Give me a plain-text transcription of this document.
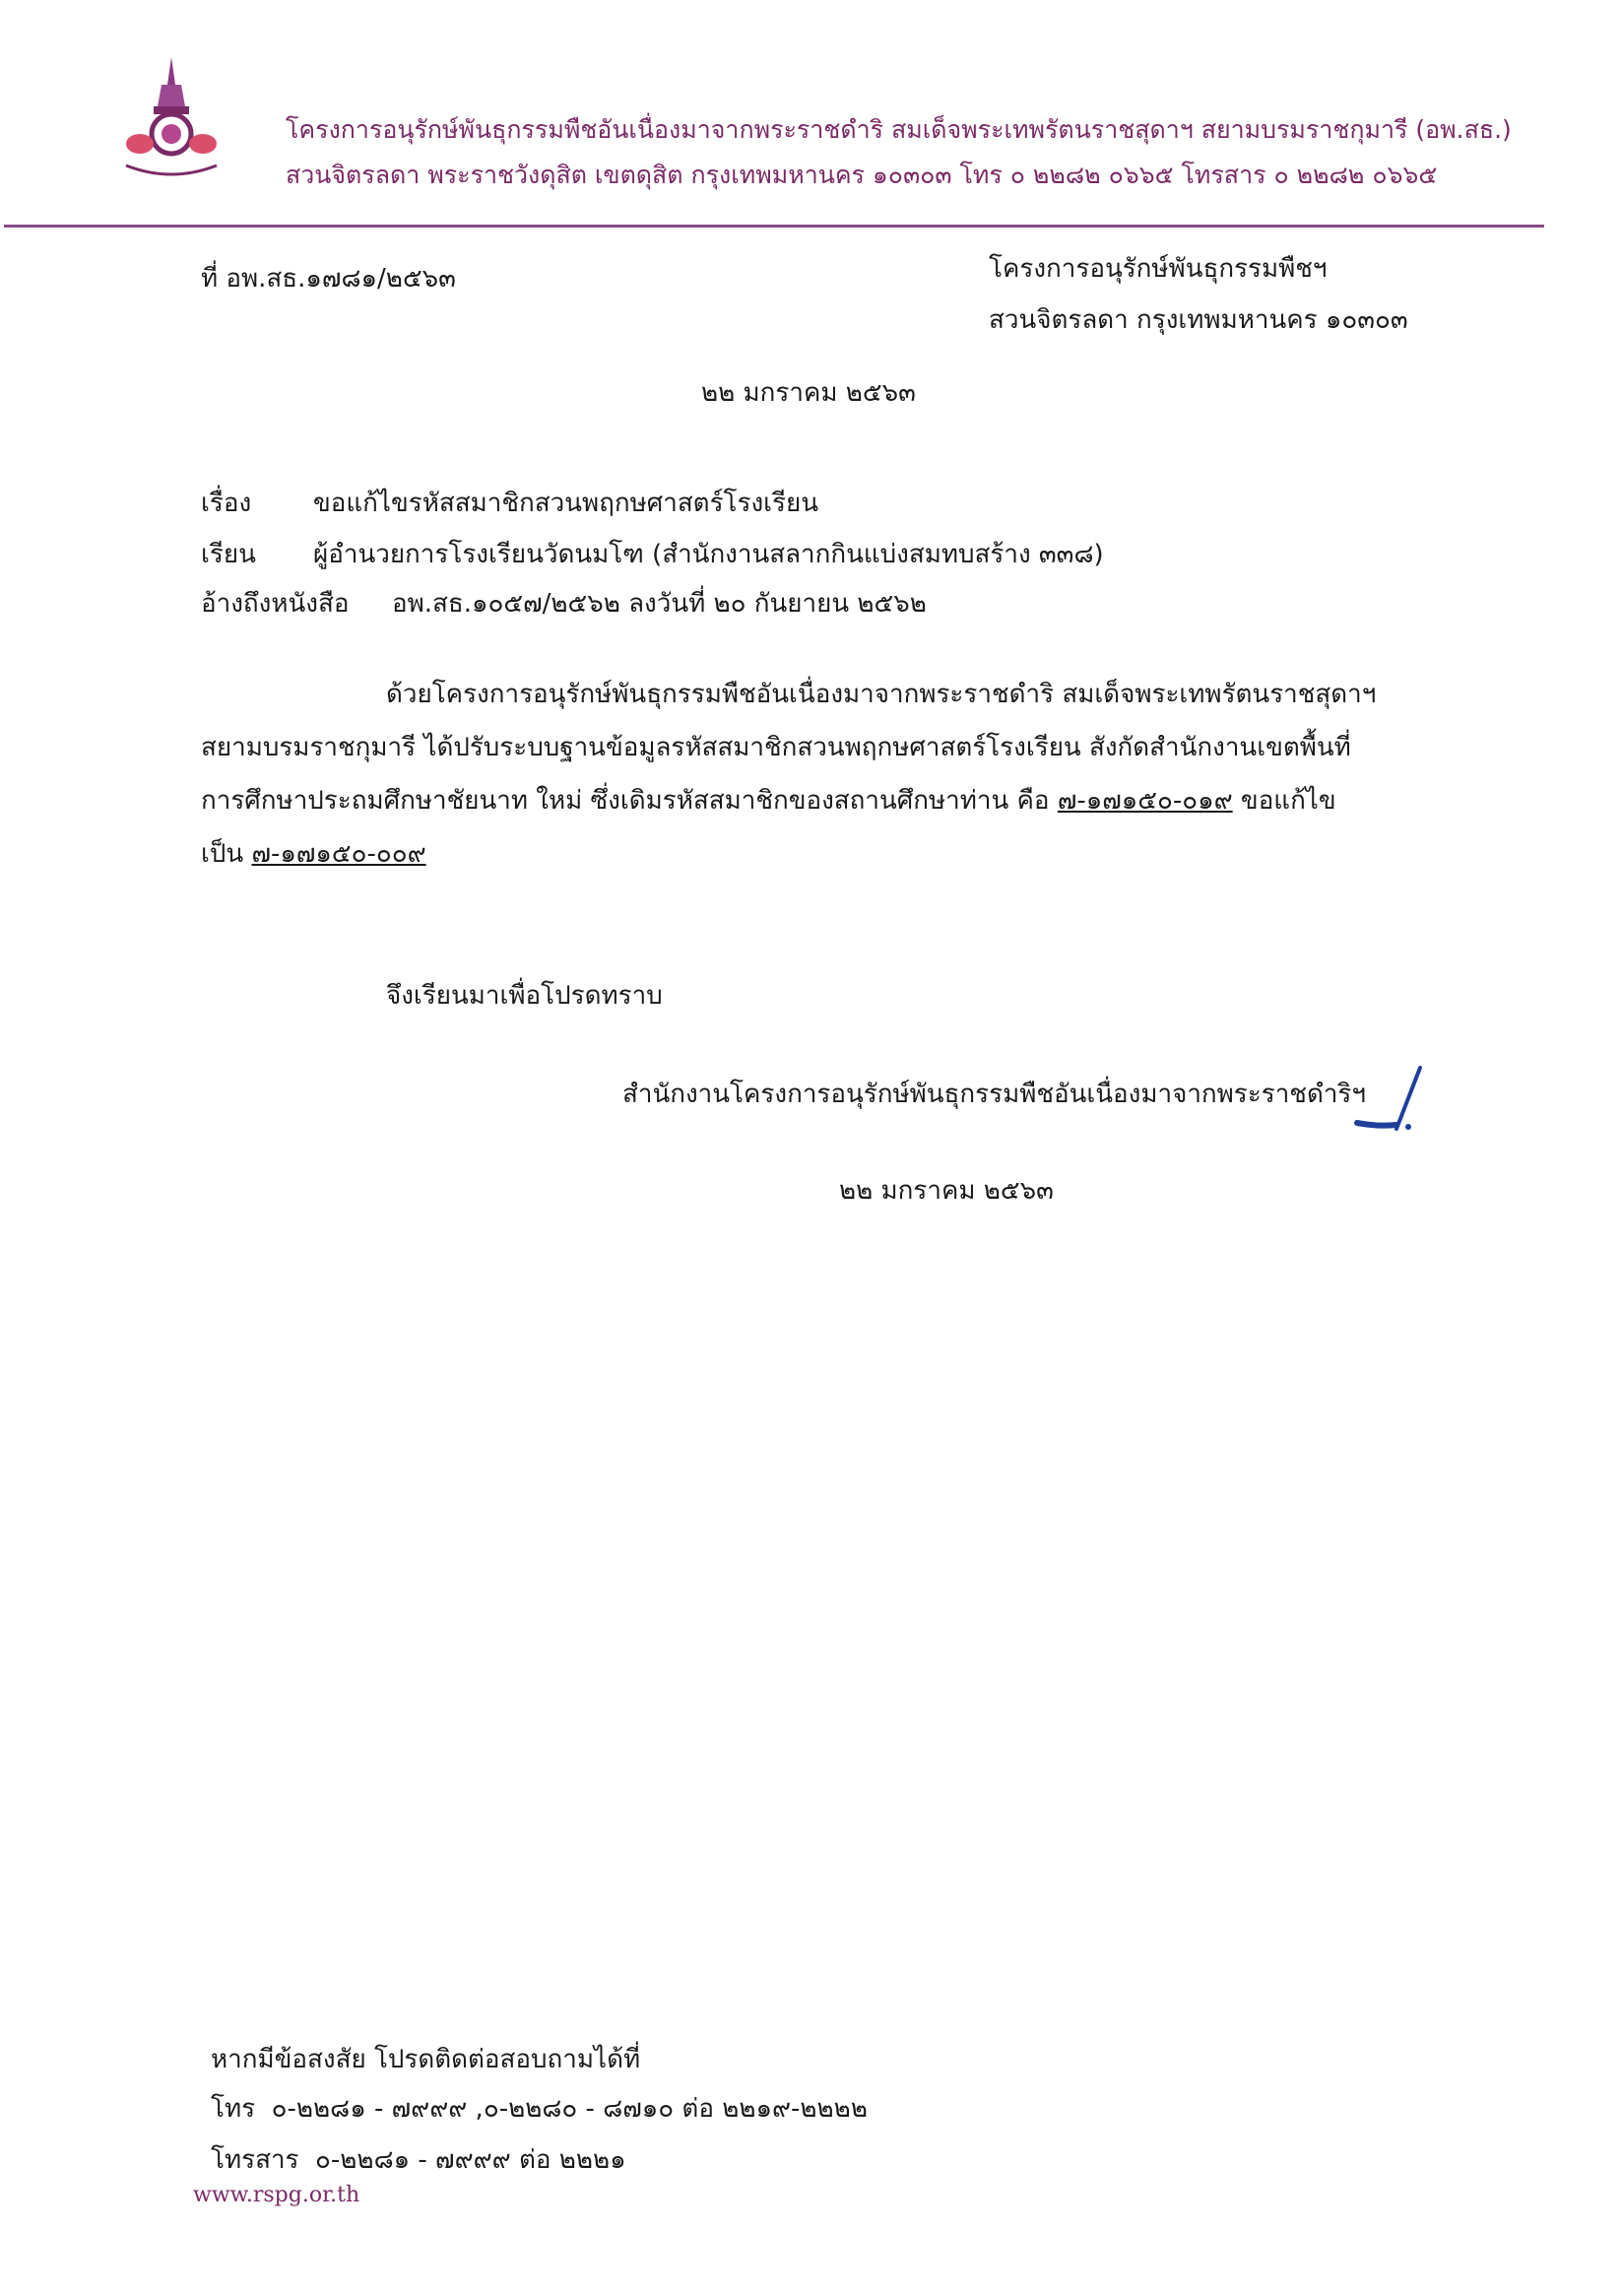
โครงการอนุรักษ์พันธุกรรมพืชอันเนื่องมาจากพระราชดำริ สมเด็จพระเทพรัตนราชสุดาฯ สยามบรมราชกุมารี (อพ.สธ.)
สวนจิตรลดา พระราชวังดุสิต เขตดุสิต กรุงเทพมหานคร ๑๐๓๐๓ โทร ๐ ๒๒๘๒ ๐๖๖๕ โทรสาร ๐ ๒๒๘๒ ๐๖๖๕
ที่ อพ.สธ.๑๗๘๑/๒๕๖๓	โครงการอนุรักษ์พันธุกรรมพืชฯ
สวนจิตรลดา กรุงเทพมหานคร ๑๐๓๐๓
๒๒ มกราคม ๒๕๖๓
เรื่อง ขอแก้ไขรหัสสมาชิกสวนพฤกษศาสตร์โรงเรียน
เรียน ผู้อำนวยการโรงเรียนวัดนมโฑ (สำนักงานสลากกินแบ่งสมทบสร้าง ๓๓๘)
อ้างถึงหนังสือ อพ.สธ.๑๐๕๗/๒๕๖๒ ลงวันที่ ๒๐ กันยายน ๒๕๖๒
ด้วยโครงการอนุรักษ์พันธุกรรมพืชอันเนื่องมาจากพระราชดำริ สมเด็จพระเทพรัตนราชสุดาฯ
สยามบรมราชกุมารี ได้ปรับระบบฐานข้อมูลรหัสสมาชิกสวนพฤกษศาสตร์โรงเรียน สังกัดสำนักงานเขตพื้นที่
การศึกษาประถมศึกษาชัยนาท ใหม่ ซึ่งเดิมรหัสสมาชิกของสถานศึกษาท่าน คือ ๗-๑๗๑๕๐-๐๑๙ ขอแก้ไข
เป็น ๗-๑๗๑๕๐-๐๐๙
จึงเรียนมาเพื่อโปรดทราบ
สำนักงานโครงการอนุรักษ์พันธุกรรมพืชอันเนื่องมาจากพระราชดำริฯ
๒๒ มกราคม ๒๕๖๓
หากมีข้อสงสัย โปรดติดต่อสอบถามได้ที่
โทร ๐-๒๒๘๑ - ๗๙๙๙ ,๐-๒๒๘๐ - ๘๗๑๐ ต่อ ๒๒๑๙-๒๒๒๒
โทรสาร ๐-๒๒๘๑ - ๗๙๙๙ ต่อ ๒๒๒๑
www.rspg.or.th
